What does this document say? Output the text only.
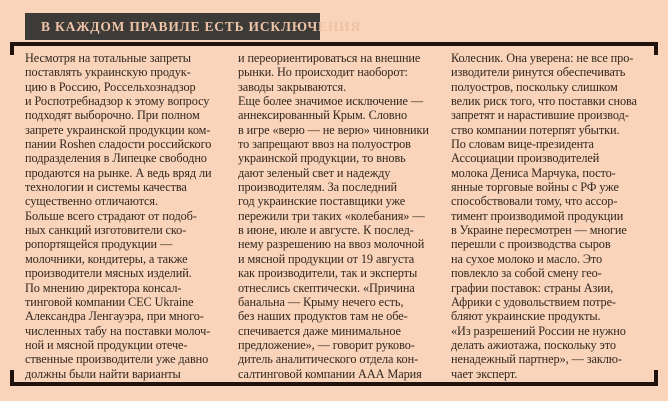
В КАЖДОМ ПРАВИЛЕ ЕСТЬ ИСКЛЮЧЕНИЯ
Несмотря на тотальные запреты
поставлять украинскую продук-
цию в Россию, Россельхознадзор
и Роспотребнадзор к этому вопросу
подходят выборочно. При полном
запрете украинской продукции ком-
пании Roshen сладости российского
подразделения в Липецке свободно
продаются на рынке. А ведь вряд ли
технологии и системы качества
существенно отличаются.
Больше всего страдают от подоб-
ных санкций изготовители ско-
ропортящейся продукции —
молочники, кондитеры, а также
производители мясных изделий.
По мнению директора консал-
тинговой компании CEC Ukraine
Александра Ленгауэра, при много-
численных табу на поставки молоч-
ной и мясной продукции отече-
ственные производители уже давно
должны были найти варианты
и переориентироваться на внешние
рынки. Но происходит наоборот:
заводы закрываются.
Еще более значимое исключение —
аннексированный Крым. Словно
в игре «верю — не верю» чиновники
то запрещают ввоз на полуостров
украинской продукции, то вновь
дают зеленый свет и надежду
производителям. За последний
год украинские поставщики уже
пережили три таких «колебания» —
в июне, июле и августе. К послед-
нему разрешению на ввоз молочной
и мясной продукции от 19 августа
как производители, так и эксперты
отнеслись скептически. «Причина
банальна — Крыму нечего есть,
без наших продуктов там не обе-
спечивается даже минимальное
предложение», — говорит руково-
дитель аналитического отдела кон-
салтинговой компании ААА Мария
Колесник. Она уверена: не все про-
изводители ринутся обеспечивать
полуостров, поскольку слишком
велик риск того, что поставки снова
запретят и нарастившие производ-
ство компании потерпят убытки.
По словам вице-президента
Ассоциации производителей
молока Дениса Марчука, посто-
янные торговые войны с РФ уже
способствовали тому, что ассор-
тимент производимой продукции
в Украине пересмотрен — многие
перешли с производства сыров
на сухое молоко и масло. Это
повлекло за собой смену гео-
графии поставок: страны Азии,
Африки с удовольствием потре-
бляют украинские продукты.
«Из разрешений России не нужно
делать ажиотажа, поскольку это
ненадежный партнер», — заклю-
чает эксперт.
